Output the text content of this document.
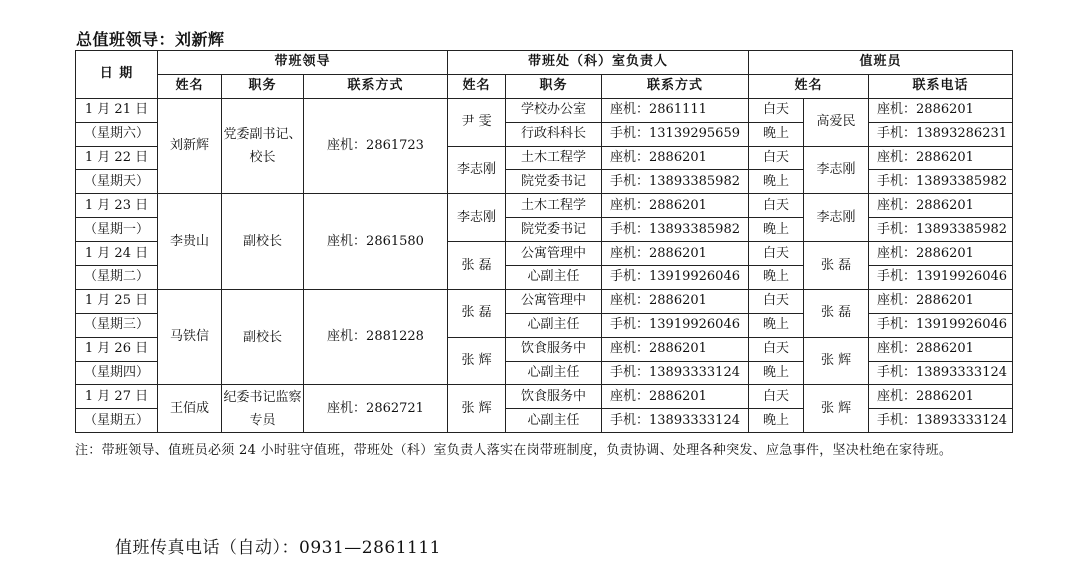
总值班领导：刘新辉
日 期	带班领导			带班处（科）室负责人			值班员		
	姓名	职务	联系方式	姓名	职务	联系方式	姓名		联系电话
1 月 21 日	刘新辉	党委副书记、校长	座机：2861723	尹 雯	学校办公室	座机：2861111	白天	高爱民	座机：2886201
（星期六）					行政科科长	手机：13139295659	晚上		手机：13893286231
1 月 22 日				李志刚	土木工程学	座机：2886201	白天	李志刚	座机：2886201
（星期天）					院党委书记	手机：13893385982	晚上		手机：13893385982
1 月 23 日	李贵山	副校长	座机：2861580	李志刚	土木工程学	座机：2886201	白天	李志刚	座机：2886201
（星期一）					院党委书记	手机：13893385982	晚上		手机：13893385982
1 月 24 日				张 磊	公寓管理中	座机：2886201	白天	张 磊	座机：2886201
（星期二）					心副主任	手机：13919926046	晚上		手机：13919926046
1 月 25 日	马铁信	副校长	座机：2881228	张 磊	公寓管理中	座机：2886201	白天	张 磊	座机：2886201
（星期三）					心副主任	手机：13919926046	晚上		手机：13919926046
1 月 26 日				张 辉	饮食服务中	座机：2886201	白天	张 辉	座机：2886201
（星期四）					心副主任	手机：13893333124	晚上		手机：13893333124
1 月 27 日	王佰成	纪委书记监察专员	座机：2862721	张 辉	饮食服务中	座机：2886201	白天	张 辉	座机：2886201
（星期五）					心副主任	手机：13893333124	晚上		手机：13893333124
注：带班领导、值班员必须 24 小时驻守值班，带班处（科）室负责人落实在岗带班制度，负责协调、处理各种突发、应急事件，坚决杜绝在家待班。
值班传真电话（自动）：0931—2861111
